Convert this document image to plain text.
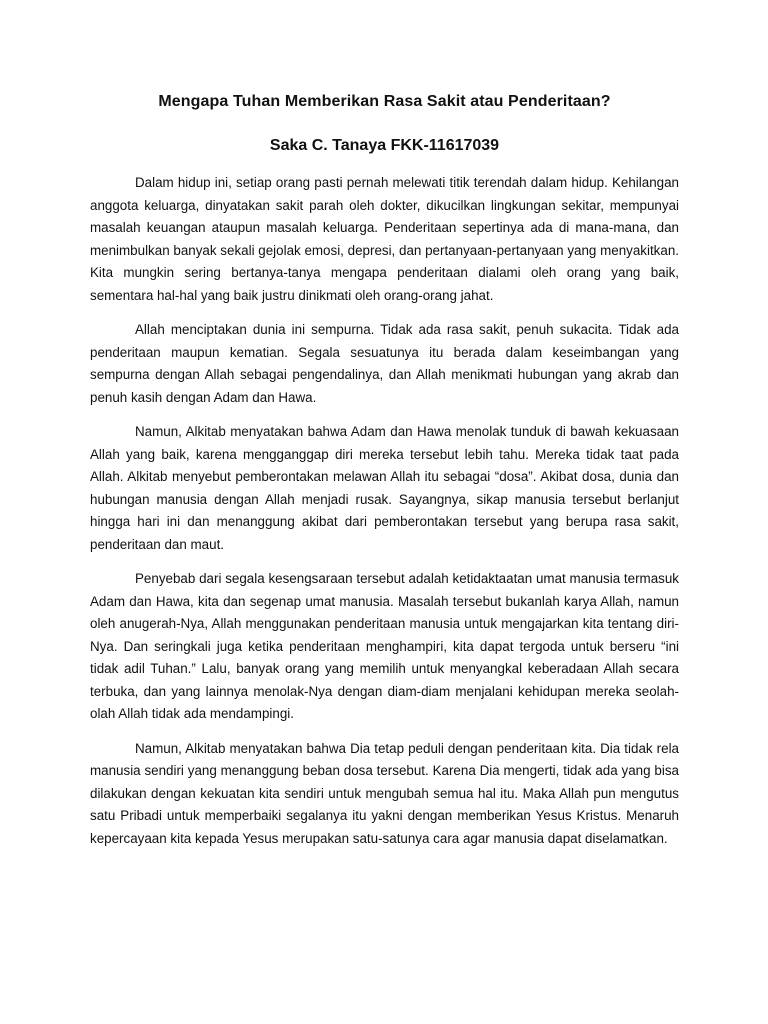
Mengapa Tuhan Memberikan Rasa Sakit atau Penderitaan?
Saka C. Tanaya FKK-11617039

Dalam hidup ini, setiap orang pasti pernah melewati titik terendah dalam hidup. Kehilangan anggota keluarga, dinyatakan sakit parah oleh dokter, dikucilkan lingkungan sekitar, mempunyai masalah keuangan ataupun masalah keluarga. Penderitaan sepertinya ada di mana-mana, dan menimbulkan banyak sekali gejolak emosi, depresi, dan pertanyaan-pertanyaan yang menyakitkan. Kita mungkin sering bertanya-tanya mengapa penderitaan dialami oleh orang yang baik, sementara hal-hal yang baik justru dinikmati oleh orang-orang jahat.

Allah menciptakan dunia ini sempurna. Tidak ada rasa sakit, penuh sukacita. Tidak ada penderitaan maupun kematian. Segala sesuatunya itu berada dalam keseimbangan yang sempurna dengan Allah sebagai pengendalinya, dan Allah menikmati hubungan yang akrab dan penuh kasih dengan Adam dan Hawa.

Namun, Alkitab menyatakan bahwa Adam dan Hawa menolak tunduk di bawah kekuasaan Allah yang baik, karena mengganggap diri mereka tersebut lebih tahu. Mereka tidak taat pada Allah. Alkitab menyebut pemberontakan melawan Allah itu sebagai “dosa”. Akibat dosa, dunia dan hubungan manusia dengan Allah menjadi rusak. Sayangnya, sikap manusia tersebut berlanjut hingga hari ini dan menanggung akibat dari pemberontakan tersebut yang berupa rasa sakit, penderitaan dan maut.

Penyebab dari segala kesengsaraan tersebut adalah ketidaktaatan umat manusia termasuk Adam dan Hawa, kita dan segenap umat manusia. Masalah tersebut bukanlah karya Allah, namun oleh anugerah-Nya, Allah menggunakan penderitaan manusia untuk mengajarkan kita tentang diri-Nya. Dan seringkali juga ketika penderitaan menghampiri, kita dapat tergoda untuk berseru “ini tidak adil Tuhan.” Lalu, banyak orang yang memilih untuk menyangkal keberadaan Allah secara terbuka, dan yang lainnya menolak-Nya dengan diam-diam menjalani kehidupan mereka seolah-olah Allah tidak ada mendampingi.

Namun, Alkitab menyatakan bahwa Dia tetap peduli dengan penderitaan kita. Dia tidak rela manusia sendiri yang menanggung beban dosa tersebut. Karena Dia mengerti, tidak ada yang bisa dilakukan dengan kekuatan kita sendiri untuk mengubah semua hal itu. Maka Allah pun mengutus satu Pribadi untuk memperbaiki segalanya itu yakni dengan memberikan Yesus Kristus. Menaruh kepercayaan kita kepada Yesus merupakan satu-satunya cara agar manusia dapat diselamatkan.
